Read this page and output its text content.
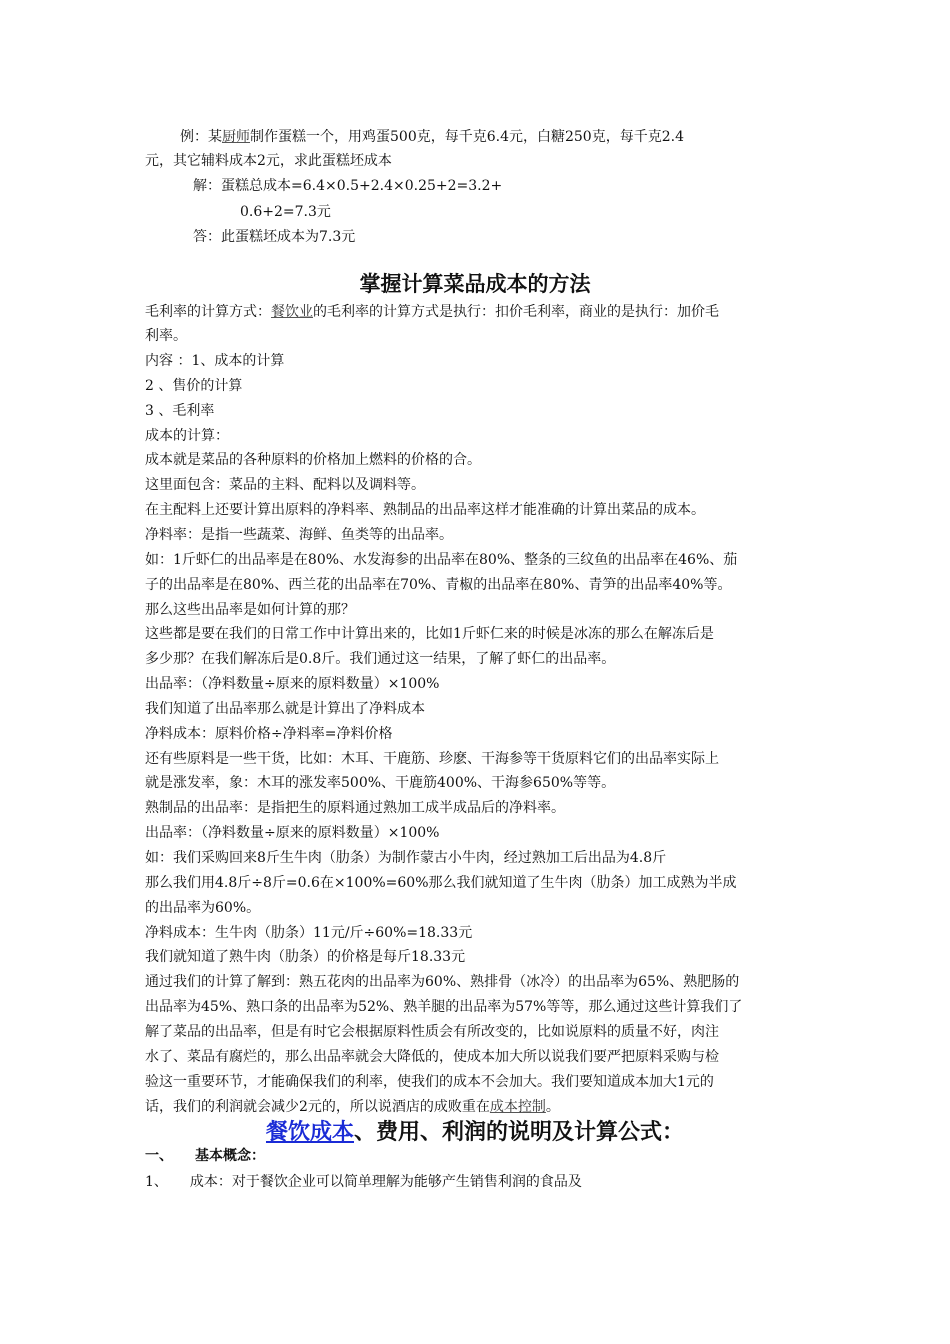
例：某厨师制作蛋糕一个，用鸡蛋500克，每千克6.4元，白糖250克，每千克2.4
元，其它辅料成本2元，求此蛋糕坯成本
解：蛋糕总成本=6.4×0.5+2.4×0.25+2=3.2+
0.6+2=7.3元
答：此蛋糕坯成本为7.3元
掌握计算菜品成本的方法
毛利率的计算方式：餐饮业的毛利率的计算方式是执行：扣价毛利率，商业的是执行：加价毛
利率。
内容 ：1、成本的计算
2 、售价的计算
3 、毛利率
成本的计算：
成本就是菜品的各种原料的价格加上燃料的价格的合。
这里面包含：菜品的主料、配料以及调料等。
在主配料上还要计算出原料的净料率、熟制品的出品率这样才能准确的计算出菜品的成本。
净料率：是指一些蔬菜、海鲜、鱼类等的出品率。
如：1斤虾仁的出品率是在80%、水发海参的出品率在80%、整条的三纹鱼的出品率在46%、茄
子的出品率是在80%、西兰花的出品率在70%、青椒的出品率在80%、青笋的出品率40%等。
那么这些出品率是如何计算的那？
这些都是要在我们的日常工作中计算出来的，比如1斤虾仁来的时候是冰冻的那么在解冻后是
多少那？在我们解冻后是0.8斤。我们通过这一结果，了解了虾仁的出品率。
出品率：（净料数量÷原来的原料数量）×100%
我们知道了出品率那么就是计算出了净料成本
净料成本：原料价格÷净料率=净料价格
还有些原料是一些干货，比如：木耳、干鹿筋、珍麽、干海参等干货原料它们的出品率实际上
就是涨发率，象：木耳的涨发率500%、干鹿筋400%、干海参650%等等。
熟制品的出品率：是指把生的原料通过熟加工成半成品后的净料率。
出品率：（净料数量÷原来的原料数量）×100%
如：我们采购回来8斤生牛肉（肋条）为制作蒙古小牛肉，经过熟加工后出品为4.8斤
那么我们用4.8斤÷8斤=0.6在×100%=60%那么我们就知道了生牛肉（肋条）加工成熟为半成
的出品率为60%。
净料成本：生牛肉（肋条）11元/斤÷60%=18.33元
我们就知道了熟牛肉（肋条）的价格是每斤18.33元
通过我们的计算了解到：熟五花肉的出品率为60%、熟排骨（冰冷）的出品率为65%、熟肥肠的
出品率为45%、熟口条的出品率为52%、熟羊腿的出品率为57%等等，那么通过这些计算我们了
解了菜品的出品率，但是有时它会根据原料性质会有所改变的，比如说原料的质量不好，肉注
水了、菜品有腐烂的，那么出品率就会大降低的，使成本加大所以说我们要严把原料采购与检
验这一重要环节，才能确保我们的利率，使我们的成本不会加大。我们要知道成本加大1元的
话，我们的利润就会减少2元的，所以说酒店的成败重在成本控制。
餐饮成本、费用、利润的说明及计算公式：
一、 基本概念：
1、 成本：对于餐饮企业可以简单理解为能够产生销售利润的食品及
